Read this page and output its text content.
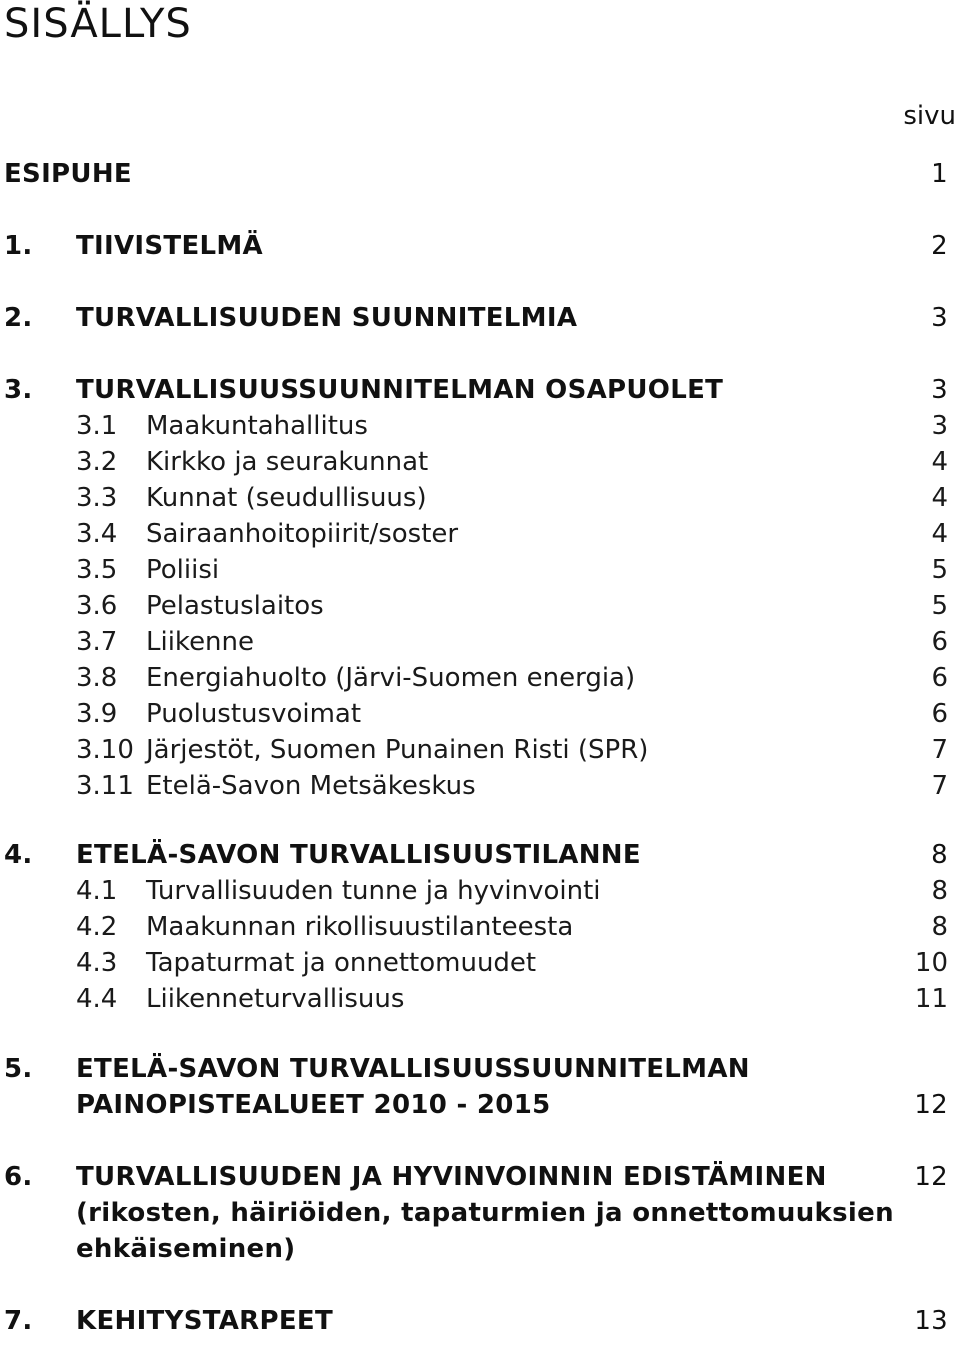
SISÄLLYS
sivu
ESIPUHE	1
1. TIIVISTELMÄ	2
2. TURVALLISUUDEN SUUNNITELMIA	3
3. TURVALLISUUSSUUNNITELMAN OSAPUOLET	3
3.1 Maakuntahallitus	3
3.2 Kirkko ja seurakunnat	4
3.3 Kunnat (seudullisuus)	4
3.4 Sairaanhoitopiirit/soster	4
3.5 Poliisi	5
3.6 Pelastuslaitos	5
3.7 Liikenne	6
3.8 Energiahuolto (Järvi-Suomen energia)	6
3.9 Puolustusvoimat	6
3.10 Järjestöt, Suomen Punainen Risti (SPR)	7
3.11 Etelä-Savon Metsäkeskus	7
4. ETELÄ-SAVON TURVALLISUUSTILANNE	8
4.1 Turvallisuuden tunne ja hyvinvointi	8
4.2 Maakunnan rikollisuustilanteesta	8
4.3 Tapaturmat ja onnettomuudet	10
4.4 Liikenneturvallisuus	11
5. ETELÄ-SAVON TURVALLISUUSSUUNNITELMAN
PAINOPISTEALUEET 2010 - 2015	12
6. TURVALLISUUDEN JA HYVINVOINNIN EDISTÄMINEN	12
(rikosten, häiriöiden, tapaturmien ja onnettomuuksien
ehkäiseminen)
7. KEHITYSTARPEET	13
